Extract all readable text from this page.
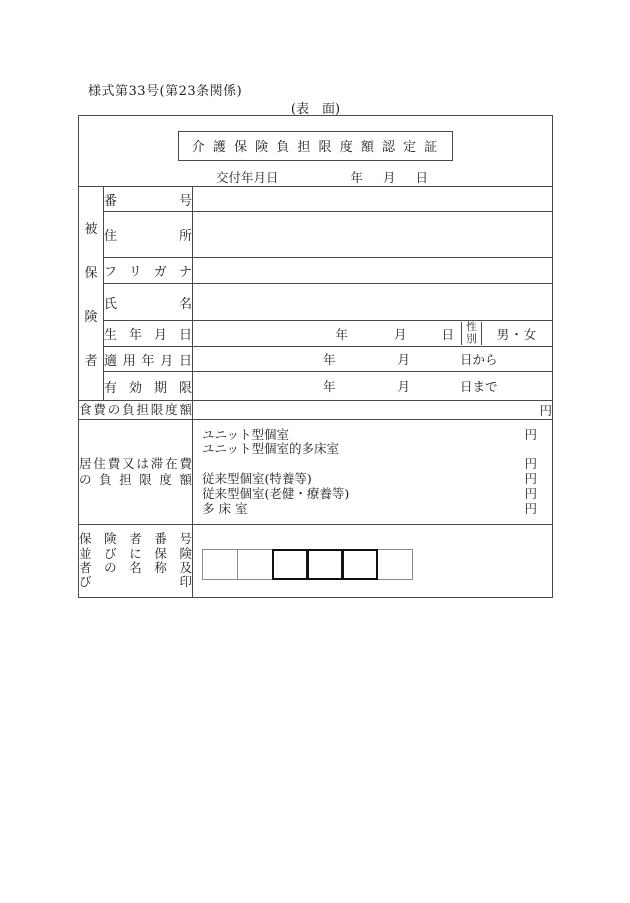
様式第33号(第23条関係)
(表　面)
介 護 保 険 負 担 限 度 額 認 定 証
交付年月日 年 月 日		

被
保
険
者	番号	
	住所	
	フリガナ	
	氏名	
	生年月日	年 月 日 性別 男・女

	適用年月日	年 月 日から

	有効期限	年 月 日まで

食費の負担限度額		円

居住費又は滞在費
の負担限度額

ユニット型個室	円
ユニット型個室的多床室
円
従来型個室(特養等)	円
従来型個室(老健・療養等)	円
多 床 室	円

保険者番号
並びに保険
者の名称及
び印		
